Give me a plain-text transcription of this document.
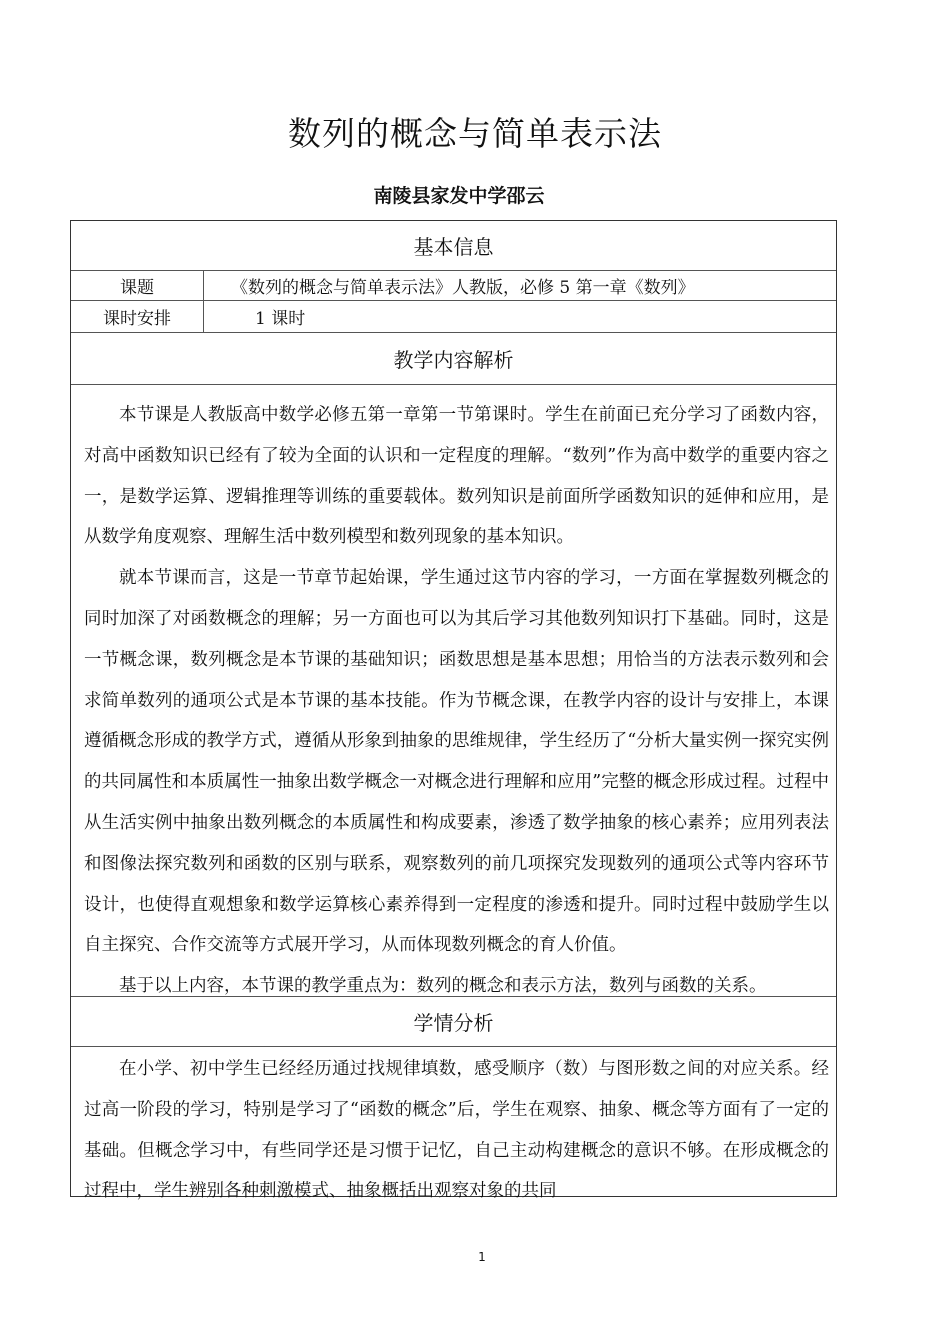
数列的概念与简单表示法
南陵县家发中学邵云
基本信息
课题	《数列的概念与简单表示法》人教版，必修 5 第一章《数列》
课时安排	1 课时
教学内容解析

本节课是人教版高中数学必修五第一章第一节第课时。学生在前面已充分学习了函数内容，对高中函数知识已经有了较为全面的认识和一定程度的理解。“数列”作为高中数学的重要内容之一，是数学运算、逻辑推理等训练的重要载体。数列知识是前面所学函数知识的延伸和应用，是从数学角度观察、理解生活中数列模型和数列现象的基本知识。

就本节课而言，这是一节章节起始课，学生通过这节内容的学习，一方面在掌握数列概念的同时加深了对函数概念的理解；另一方面也可以为其后学习其他数列知识打下基础。同时，这是一节概念课，数列概念是本节课的基础知识；函数思想是基本思想；用恰当的方法表示数列和会求简单数列的通项公式是本节课的基本技能。作为节概念课，在教学内容的设计与安排上，本课遵循概念形成的教学方式，遵循从形象到抽象的思维规律，学生经历了“分析大量实例一探究实例的共同属性和本质属性一抽象出数学概念一对概念进行理解和应用”完整的概念形成过程。过程中从生活实例中抽象出数列概念的本质属性和构成要素，渗透了数学抽象的核心素养；应用列表法和图像法探究数列和函数的区别与联系，观察数列的前几项探究发现数列的通项公式等内容环节设计，也使得直观想象和数学运算核心素养得到一定程度的渗透和提升。同时过程中鼓励学生以自主探究、合作交流等方式展开学习，从而体现数列概念的育人价值。

基于以上内容，本节课的教学重点为：数列的概念和表示方法，数列与函数的关系。

学情分析

在小学、初中学生已经经历通过找规律填数，感受顺序（数）与图形数之间的对应关系。经过高一阶段的学习，特别是学习了“函数的概念”后，学生在观察、抽象、概念等方面有了一定的基础。但概念学习中，有些同学还是习惯于记忆，自己主动构建概念的意识不够。在形成概念的过程中，学生辨别各种刺激模式、抽象概括出观察对象的共同

1
